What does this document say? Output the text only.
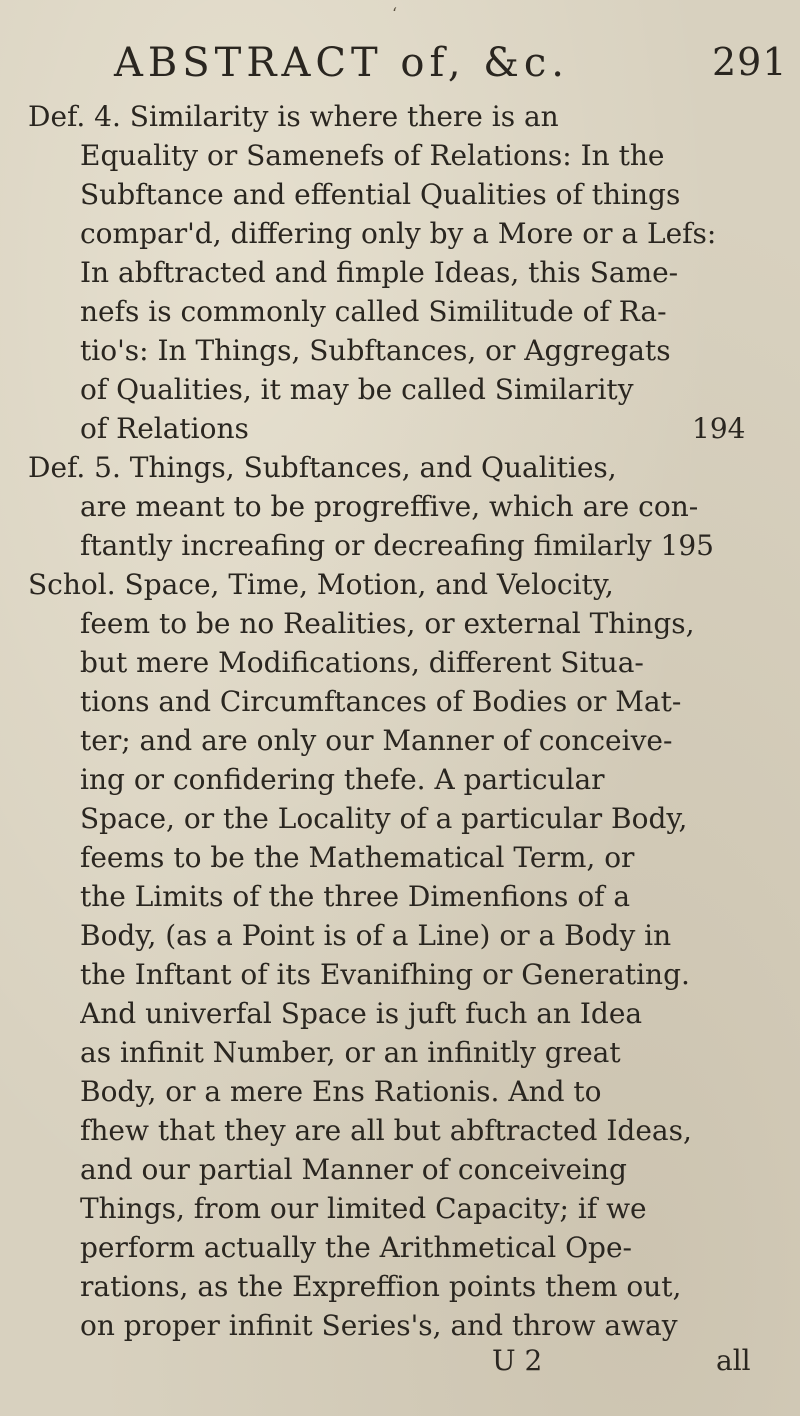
‘
ABSTRACT of, &c.	291
Def. 4. Similarity is where there is an
Equality or Samenefs of Relations: In the
Subftance and effential Qualities of things
compar'd, differing only by a More or a Lefs:
In abftracted and fimple Ideas, this Same-
nefs is commonly called Similitude of Ra-
tio's: In Things, Subftances, or Aggregats
of Qualities, it may be called Similarity
of Relations	194
Def. 5. Things, Subftances, and Qualities,
are meant to be progreffive, which are con-
ftantly increafing or decreafing fimilarly 195
Schol. Space, Time, Motion, and Velocity,
feem to be no Realities, or external Things,
but mere Modifications, different Situa-
tions and Circumftances of Bodies or Mat-
ter; and are only our Manner of conceive-
ing or confidering thefe. A particular
Space, or the Locality of a particular Body,
feems to be the Mathematical Term, or
the Limits of the three Dimenfions of a
Body, (as a Point is of a Line) or a Body in
the Inftant of its Evanifhing or Generating.
And univerfal Space is juft fuch an Idea
as infinit Number, or an infinitly great
Body, or a mere Ens Rationis. And to
fhew that they are all but abftracted Ideas,
and our partial Manner of conceiveing
Things, from our limited Capacity; if we
perform actually the Arithmetical Ope-
rations, as the Expreffion points them out,
on proper infinit Series's, and throw away
U 2	all
